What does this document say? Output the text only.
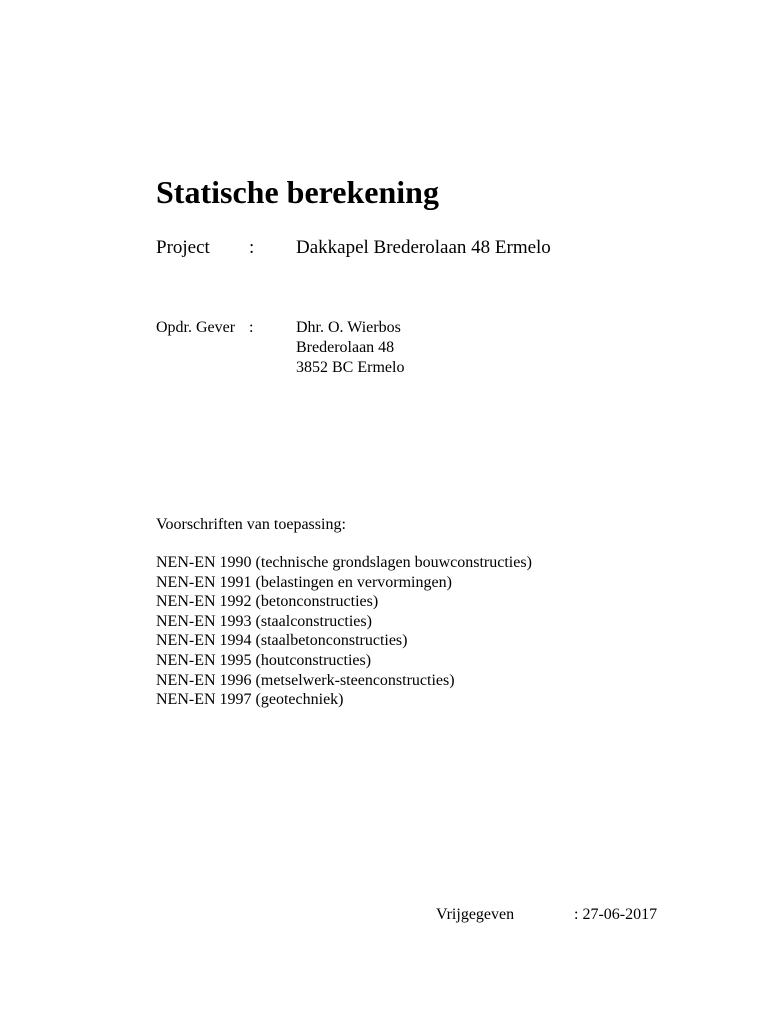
Statische berekening
Project : Dakkapel Brederolaan 48 Ermelo
Opdr. Gever :	Dhr. O. Wierbos
Brederolaan 48
3852 BC Ermelo
Voorschriften van toepassing:
NEN-EN 1990 (technische grondslagen bouwconstructies)
NEN-EN 1991 (belastingen en vervormingen)
NEN-EN 1992 (betonconstructies)
NEN-EN 1993 (staalconstructies)
NEN-EN 1994 (staalbetonconstructies)
NEN-EN 1995 (houtconstructies)
NEN-EN 1996 (metselwerk-steenconstructies)
NEN-EN 1997 (geotechniek)
Vrijgegeven	: 27-06-2017
